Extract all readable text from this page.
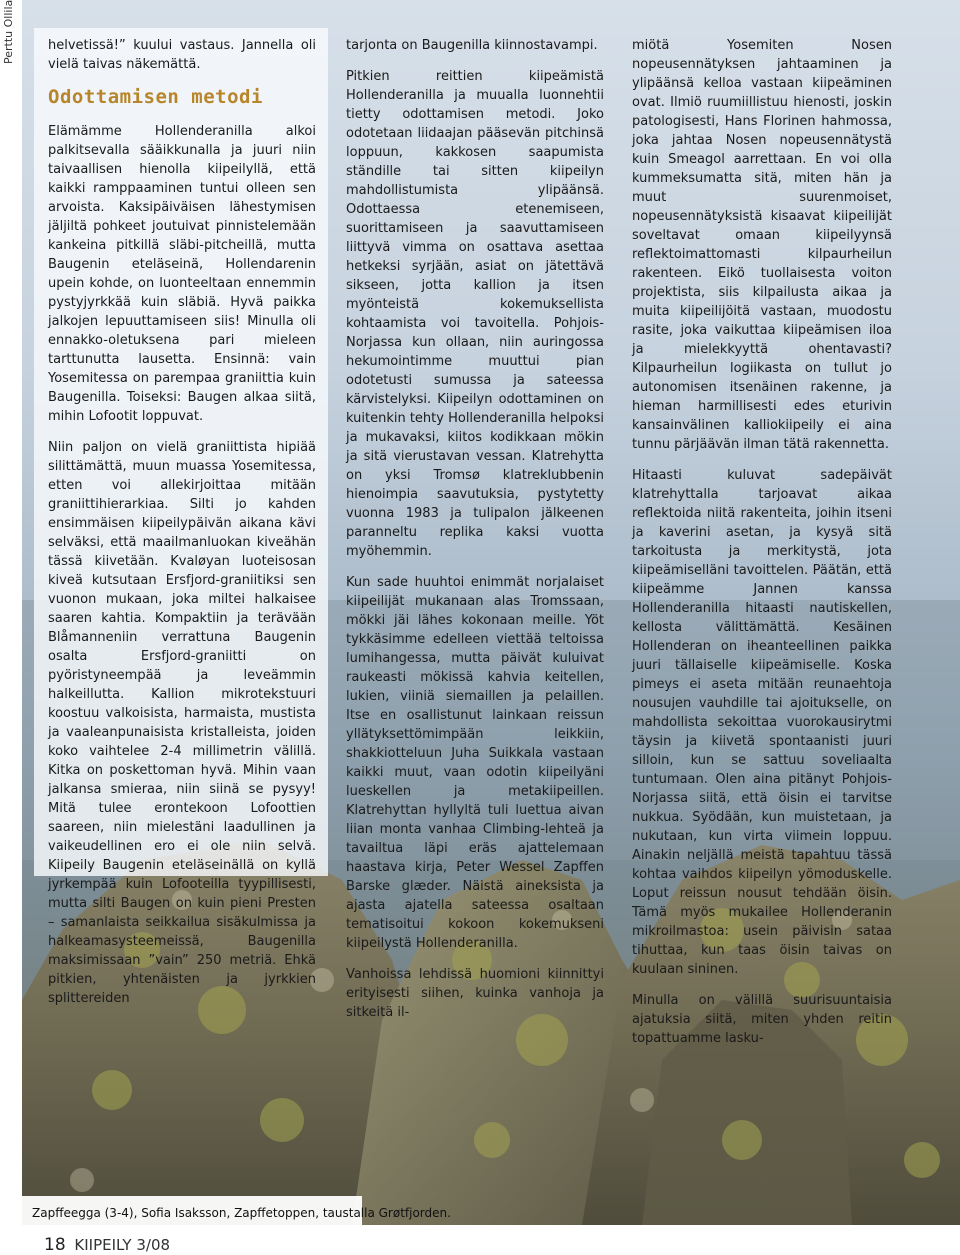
Perttu Ollila	helvetissä!” kuului vastaus. Jannella oli vielä taivas näkemättä.

Odottamisen metodi

Elämämme Hollenderanilla alkoi palkitsevalla sääikkunalla ja juuri niin taivaallisen hienolla kiipeilyllä, että kaikki ramppaaminen tuntui olleen sen arvoista. Kaksipäiväisen lähestymisen jäljiltä pohkeet joutuivat pinnistelemään kankeina pitkillä släbi-pitcheillä, mutta Baugenin eteläseinä, Hollendarenin upein kohde, on luonteeltaan ennemmin pystyjyrkkää kuin släbiä. Hyvä paikka jalkojen lepuuttamiseen siis! Minulla oli ennakko-oletuksena pari mieleen tarttunutta lausetta. Ensinnä: vain Yosemitessa on parempaa graniittia kuin Baugenilla. Toiseksi: Baugen alkaa siitä, mihin Lofootit loppuvat.

Niin paljon on vielä graniittista hipiää silittämättä, muun muassa Yosemitessa, etten voi allekirjoittaa mitään graniittihierarkiaa. Silti jo kahden ensimmäisen kiipeilypäivän aikana kävi selväksi, että maailmanluokan kiveähän tässä kiivetään. Kvaløyan luoteisosan kiveä kutsutaan Ersfjord-graniitiksi sen vuonon mukaan, joka miltei halkaisee saaren kahtia. Kompaktiin ja terävään Blåmanneniin verrattuna Baugenin osalta Ersfjord-graniitti on pyöristyneempää ja leveämmin halkeillutta. Kallion mikrotekstuuri koostuu valkoisista, harmaista, mustista ja vaaleanpunaisista kristalleista, joiden koko vaihtelee 2-4 millimetrin välillä. Kitka on poskettoman hyvä. Mihin vaan jalkansa smieraa, niin siinä se pysyy! Mitä tulee erontekoon Lofoottien saareen, niin mielestäni laadullinen ja vaikeudellinen ero ei ole niin selvä. Kiipeily Baugenin eteläseinällä on kyllä jyrkempää kuin Lofooteilla tyypillisesti, mutta silti Baugen on kuin pieni Presten – samanlaista seikkailua sisäkulmissa ja halkeamasysteemeissä, Baugenilla maksimissaan ”vain” 250 metriä. Ehkä pitkien, yhtenäisten ja jyrkkien splittereiden

tarjonta on Baugenilla kiinnostavampi.

Pitkien reittien kiipeämistä Hollenderanilla ja muualla luonnehtii tietty odottamisen metodi. Joko odotetaan liidaajan pääsevän pitchinsä loppuun, kakkosen saapumista ständille tai sitten kiipeilyn mahdollistumista ylipäänsä. Odottaessa etenemiseen, suorittamiseen ja saavuttamiseen liittyvä vimma on osattava asettaa hetkeksi syrjään, asiat on jätettävä sikseen, jotta kallion ja itsen myönteistä kokemuksellista kohtaamista voi tavoitella. Pohjois-Norjassa kun ollaan, niin auringossa hekumointimme muuttui pian odotetusti sumussa ja sateessa kärvistelyksi. Kiipeilyn odottaminen on kuitenkin tehty Hollenderanilla helpoksi ja mukavaksi, kiitos kodikkaan mökin ja sitä vierustavan vessan. Klatrehytta on yksi Tromsø klatreklubbenin hienoimpia saavutuksia, pystytetty vuonna 1983 ja tulipalon jälkeenen paranneltu replika kaksi vuotta myöhemmin.

Kun sade huuhtoi enimmät norjalaiset kiipeilijät mukanaan alas Tromssaan, mökki jäi lähes kokonaan meille. Yöt tykkäsimme edelleen viettää teltoissa lumihangessa, mutta päivät kuluivat raukeasti mökissä kahvia keitellen, lukien, viiniä siemaillen ja pelaillen. Itse en osallistunut lainkaan reissun yllätyksettömimpään leikkiin, shakkiotteluun Juha Suikkala vastaan kaikki muut, vaan odotin kiipeilyäni lueskellen ja metakiipeillen. Klatrehyttan hyllyltä tuli luettua aivan liian monta vanhaa Climbing-lehteä ja tavailtua läpi eräs ajattelemaan haastava kirja, Peter Wessel Zapffen Barske glæder. Näistä aineksista ja ajasta ajatella sateessa osaltaan tematisoitui kokoon kokemukseni kiipeilystä Hollenderanilla.

Vanhoissa lehdissä huomioni kiinnittyi erityisesti siihen, kuinka vanhoja ja sitkeitä il-

miötä Yosemiten Nosen nopeusennätyksen jahtaaminen ja ylipäänsä kelloa vastaan kiipeäminen ovat. Ilmiö ruumiillistuu hienosti, joskin patologisesti, Hans Florinen hahmossa, joka jahtaa Nosen nopeusennätystä kuin Smeagol aarrettaan. En voi olla kummeksumatta sitä, miten hän ja muut suurenmoiset, nopeusennätyksistä kisaavat kiipeilijät soveltavat omaan kiipeilyynsä reflektoimattomasti kilpaurheilun rakenteen. Eikö tuollaisesta voiton projektista, siis kilpailusta aikaa ja muita kiipeilijöitä vastaan, muodostu rasite, joka vaikuttaa kiipeämisen iloa ja mielekkyyttä ohentavasti? Kilpaurheilun logiikasta on tullut jo autonomisen itsenäinen rakenne, ja hieman harmillisesti edes eturivin kansainvälinen kalliokiipeily ei aina tunnu pärjäävän ilman tätä rakennetta.

Hitaasti kuluvat sadepäivät klatrehyttalla tarjoavat aikaa reflektoida niitä rakenteita, joihin itseni ja kaverini asetan, ja kysyä sitä tarkoitusta ja merkitystä, jota kiipeämiselläni tavoittelen. Päätän, että kiipeämme Jannen kanssa Hollenderanilla hitaasti nautiskellen, kellosta välittämättä. Kesäinen Hollenderan on iheanteellinen paikka juuri tällaiselle kiipeämiselle. Koska pimeys ei aseta mitään reunaehtoja nousujen vauhdille tai ajoitukselle, on mahdollista sekoittaa vuorokausirytmi täysin ja kiivetä spontaanisti juuri silloin, kun se sattuu soveliaalta tuntumaan. Olen aina pitänyt Pohjois-Norjassa siitä, että öisin ei tarvitse nukkua. Syödään, kun muistetaan, ja nukutaan, kun virta viimein loppuu. Ainakin neljällä meistä tapahtuu tässä kohtaa vaihdos kiipeilyn yömoduskelle. Loput reissun nousut tehdään öisin. Tämä myös mukailee Hollenderanin mikroilmastoa: usein päivisin sataa tihuttaa, kun taas öisin taivas on kuulaan sininen.

Minulla on välillä suurisuuntaisia ajatuksia siitä, miten yhden reitin topattuamme lasku-

Zapffeegga (3-4), Sofia Isaksson, Zapffetoppen, taustalla Grøtfjorden.
18 KIIPEILY 3/08
